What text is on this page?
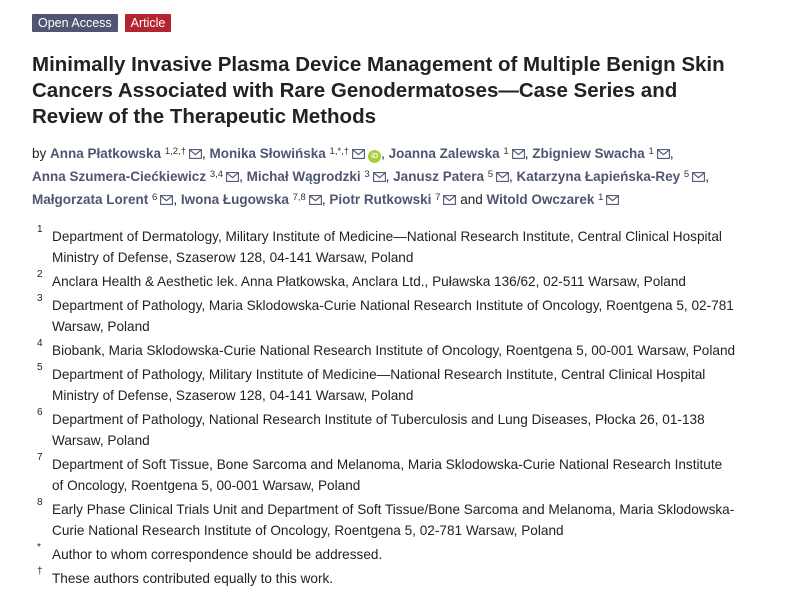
Open Access	Article
Minimally Invasive Plasma Device Management of Multiple Benign Skin
Cancers Associated with Rare Genodermatoses—Case Series and
Review of the Therapeutic Methods
by Anna Płatkowska $^{1,2,\dagger}$ , Monika Słowińska $^{1,*,\dagger}$	iD , Joanna Zalewska $^1$ , Zbigniew Swacha $^1$ ,
Anna Szumera-Ciećkiewicz $^{3,4}$ , Michał Wągrodzki $^3$ , Janusz Patera $^5$ , Katarzyna Łapieńska-Rey $^5$ ,
Małgorzata Lorent $^6$ , Iwona Ługowska $^{7,8}$ , Piotr Rutkowski $^7$ and Witold Owczarek $^1$
1 Department of Dermatology, Military Institute of Medicine—National Research Institute, Central Clinical Hospital
Ministry of Defense, Szaserow 128, 04-141 Warsaw, Poland
2 Anclara Health & Aesthetic lek. Anna Płatkowska, Anclara Ltd., Puławska 136/62, 02-511 Warsaw, Poland
3 Department of Pathology, Maria Sklodowska-Curie National Research Institute of Oncology, Roentgena 5, 02-781
Warsaw, Poland
4 Biobank, Maria Sklodowska-Curie National Research Institute of Oncology, Roentgena 5, 00-001 Warsaw, Poland
5 Department of Pathology, Military Institute of Medicine—National Research Institute, Central Clinical Hospital
Ministry of Defense, Szaserow 128, 04-141 Warsaw, Poland
6 Department of Pathology, National Research Institute of Tuberculosis and Lung Diseases, Płocka 26, 01-138
Warsaw, Poland
7 Department of Soft Tissue, Bone Sarcoma and Melanoma, Maria Sklodowska-Curie National Research Institute
of Oncology, Roentgena 5, 00-001 Warsaw, Poland
8 Early Phase Clinical Trials Unit and Department of Soft Tissue/Bone Sarcoma and Melanoma, Maria Sklodowska-
Curie National Research Institute of Oncology, Roentgena 5, 02-781 Warsaw, Poland
* Author to whom correspondence should be addressed.
† These authors contributed equally to this work.
